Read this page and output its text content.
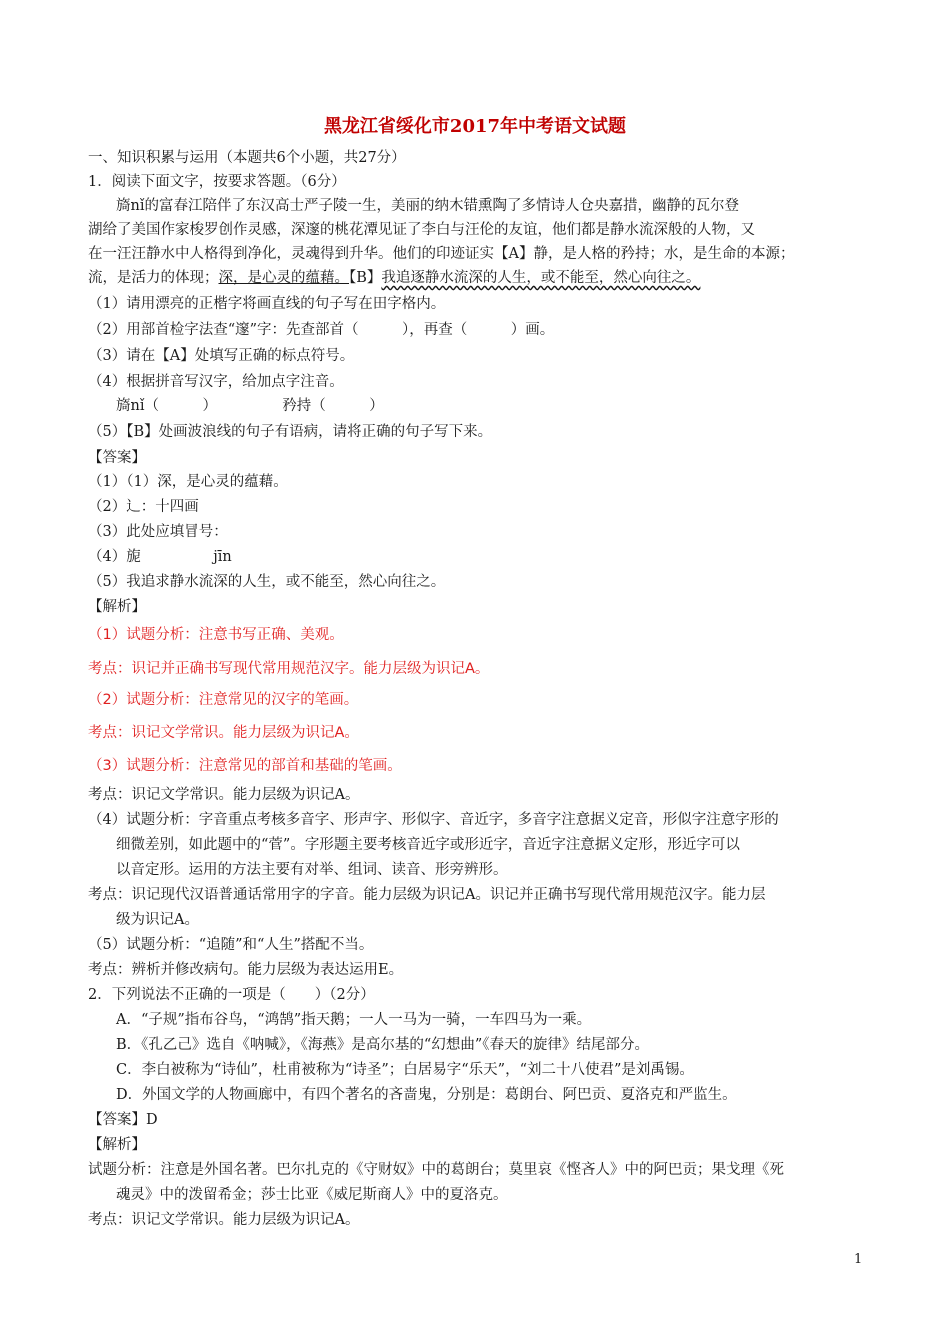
黑龙江省绥化市2017年中考语文试题
一、知识积累与运用（本题共6个小题，共27分）
1．阅读下面文字，按要求答题。（6分）
旖nǐ的富春江陪伴了东汉高士严子陵一生，美丽的纳木错熏陶了多情诗人仓央嘉措，幽静的瓦尔登
湖给了美国作家梭罗创作灵感，深邃的桃花潭见证了李白与汪伦的友谊，他们都是静水流深般的人物，又
在一汪汪静水中人格得到净化，灵魂得到升华。他们的印迹证实【A】静，是人格的矜持；水，是生命的本源；
流，是活力的体现；深，是心灵的蕴藉。【B】我追逐静水流深的人生，或不能至，然心向往之。
（1）请用漂亮的正楷字将画直线的句子写在田字格内。
（2）用部首检字法查“邃”字：先查部首（　　　），再查（　　　）画。
（3）请在【A】处填写正确的标点符号。
（4）根据拼音写汉字，给加点字注音。
旖nǐ（　　　）　　　　　矜持（　　　）
（5）【B】处画波浪线的句子有语病，请将正确的句子写下来。
【答案】
（1）（1）深，是心灵的蕴藉。
（2）辶：十四画
（3）此处应填冒号：
（4）旎　　　　　jīn
（5）我追求静水流深的人生，或不能至，然心向往之。
【解析】
（1）试题分析：注意书写正确、美观。
考点：识记并正确书写现代常用规范汉字。能力层级为识记A。
（2）试题分析：注意常见的汉字的笔画。
考点：识记文学常识。能力层级为识记A。
（3）试题分析：注意常见的部首和基础的笔画。
考点：识记文学常识。能力层级为识记A。
（4）试题分析：字音重点考核多音字、形声字、形似字、音近字，多音字注意据义定音，形似字注意字形的
细微差别，如此题中的“菅”。字形题主要考核音近字或形近字，音近字注意据义定形，形近字可以
以音定形。运用的方法主要有对举、组词、读音、形旁辨形。
考点：识记现代汉语普通话常用字的字音。能力层级为识记A。识记并正确书写现代常用规范汉字。能力层
级为识记A。
（5）试题分析：“追随”和“人生”搭配不当。
考点：辨析并修改病句。能力层级为表达运用E。
2．下列说法不正确的一项是（　　）（2分）
A．“子规”指布谷鸟，“鸿鹄”指天鹅；一人一马为一骑，一车四马为一乘。
B．《孔乙己》选自《呐喊》，《海燕》是高尔基的“幻想曲”《春天的旋律》结尾部分。
C．李白被称为“诗仙”，杜甫被称为“诗圣”；白居易字“乐天”，“刘二十八使君”是刘禹锡。
D．外国文学的人物画廊中，有四个著名的吝啬鬼，分别是：葛朗台、阿巴贡、夏洛克和严监生。
【答案】D
【解析】
试题分析：注意是外国名著。巴尔扎克的《守财奴》中的葛朗台；莫里哀《悭吝人》中的阿巴贡；果戈理《死
魂灵》中的泼留希金；莎士比亚《威尼斯商人》中的夏洛克。
考点：识记文学常识。能力层级为识记A。
1
